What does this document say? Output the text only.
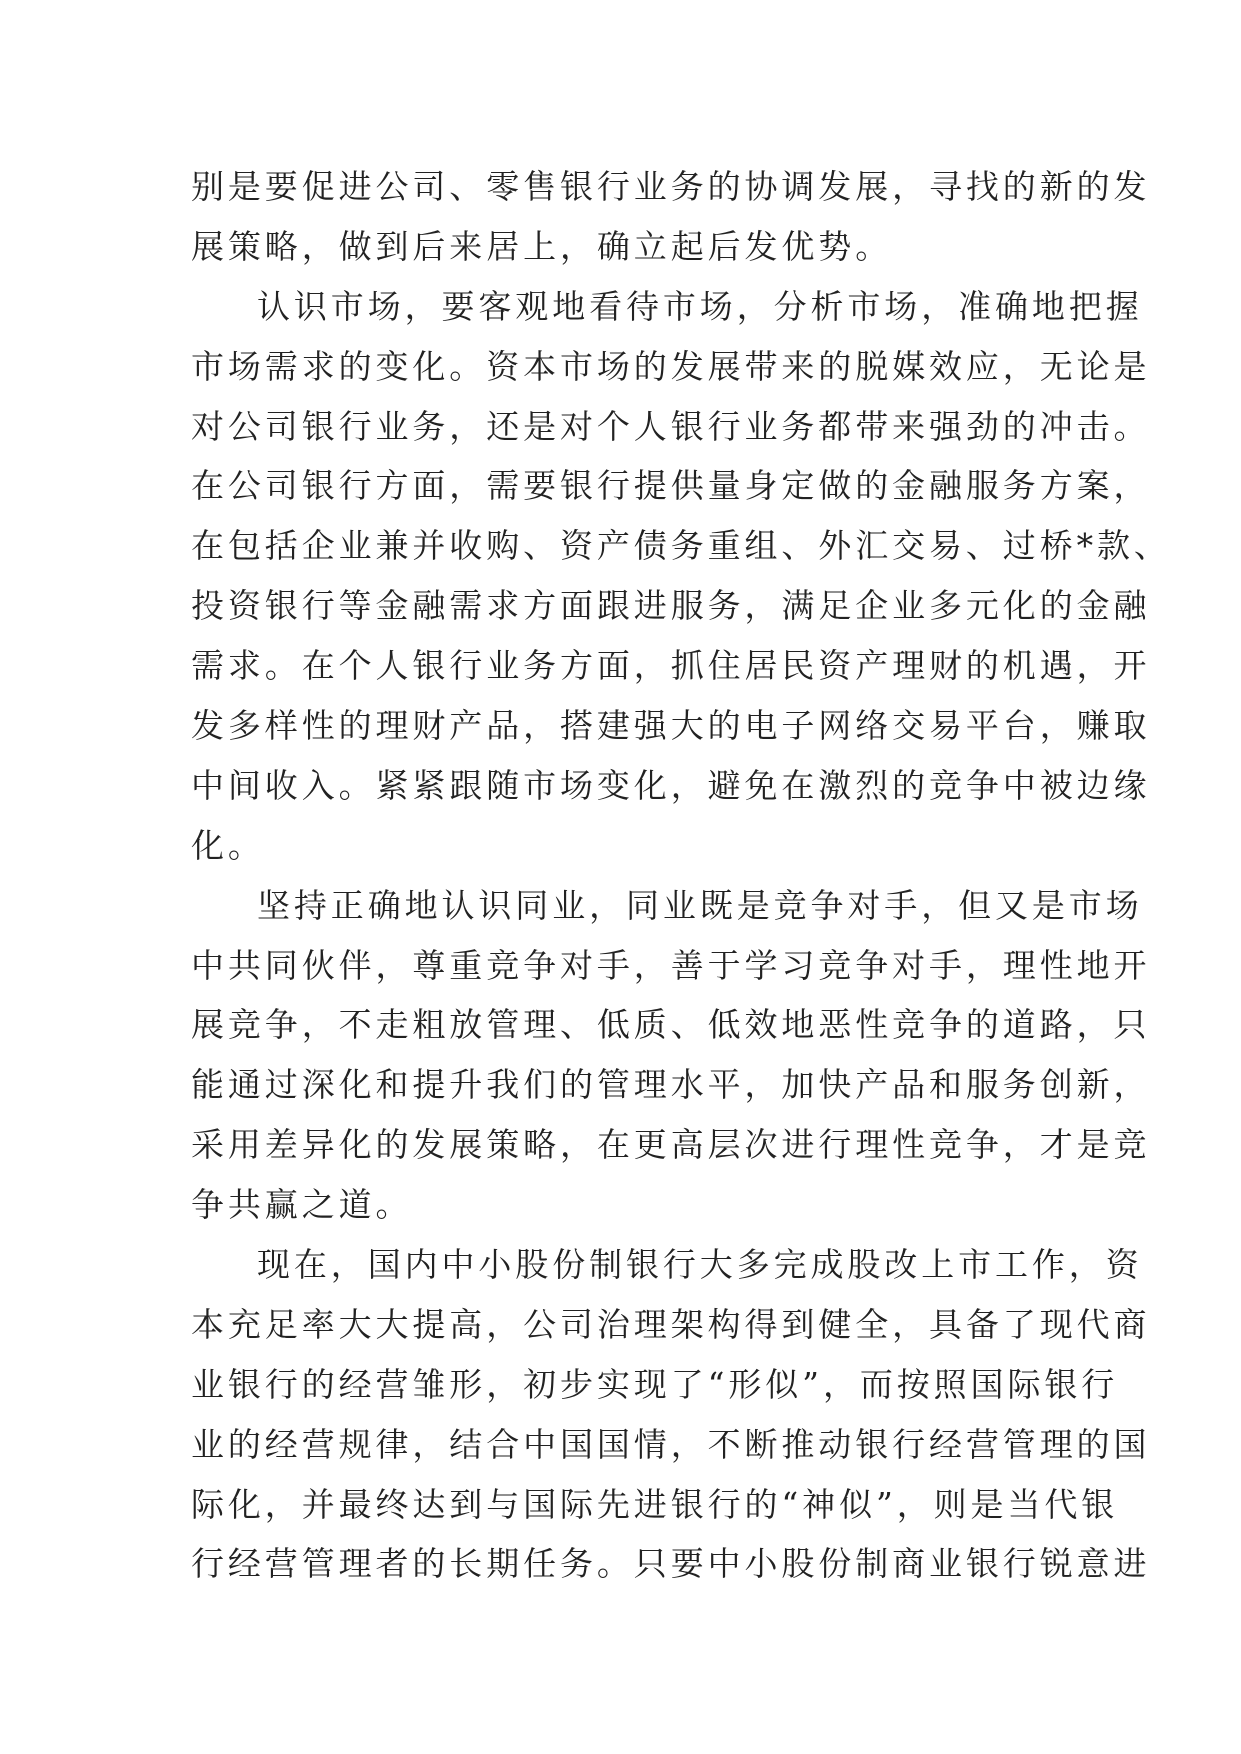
别是要促进公司、零售银行业务的协调发展，寻找的新的发
展策略，做到后来居上，确立起后发优势。
认识市场，要客观地看待市场，分析市场，准确地把握
市场需求的变化。资本市场的发展带来的脱媒效应，无论是
对公司银行业务，还是对个人银行业务都带来强劲的冲击。
在公司银行方面，需要银行提供量身定做的金融服务方案，
在包括企业兼并收购、资产债务重组、外汇交易、过桥*款、
投资银行等金融需求方面跟进服务，满足企业多元化的金融
需求。在个人银行业务方面，抓住居民资产理财的机遇，开
发多样性的理财产品，搭建强大的电子网络交易平台，赚取
中间收入。紧紧跟随市场变化，避免在激烈的竞争中被边缘
化。
坚持正确地认识同业，同业既是竞争对手，但又是市场
中共同伙伴，尊重竞争对手，善于学习竞争对手，理性地开
展竞争，不走粗放管理、低质、低效地恶性竞争的道路，只
能通过深化和提升我们的管理水平，加快产品和服务创新，
采用差异化的发展策略，在更高层次进行理性竞争，才是竞
争共赢之道。
现在，国内中小股份制银行大多完成股改上市工作，资
本充足率大大提高，公司治理架构得到健全，具备了现代商
业银行的经营雏形，初步实现了“形似”，而按照国际银行
业的经营规律，结合中国国情，不断推动银行经营管理的国
际化，并最终达到与国际先进银行的“神似”，则是当代银
行经营管理者的长期任务。只要中小股份制商业银行锐意进
